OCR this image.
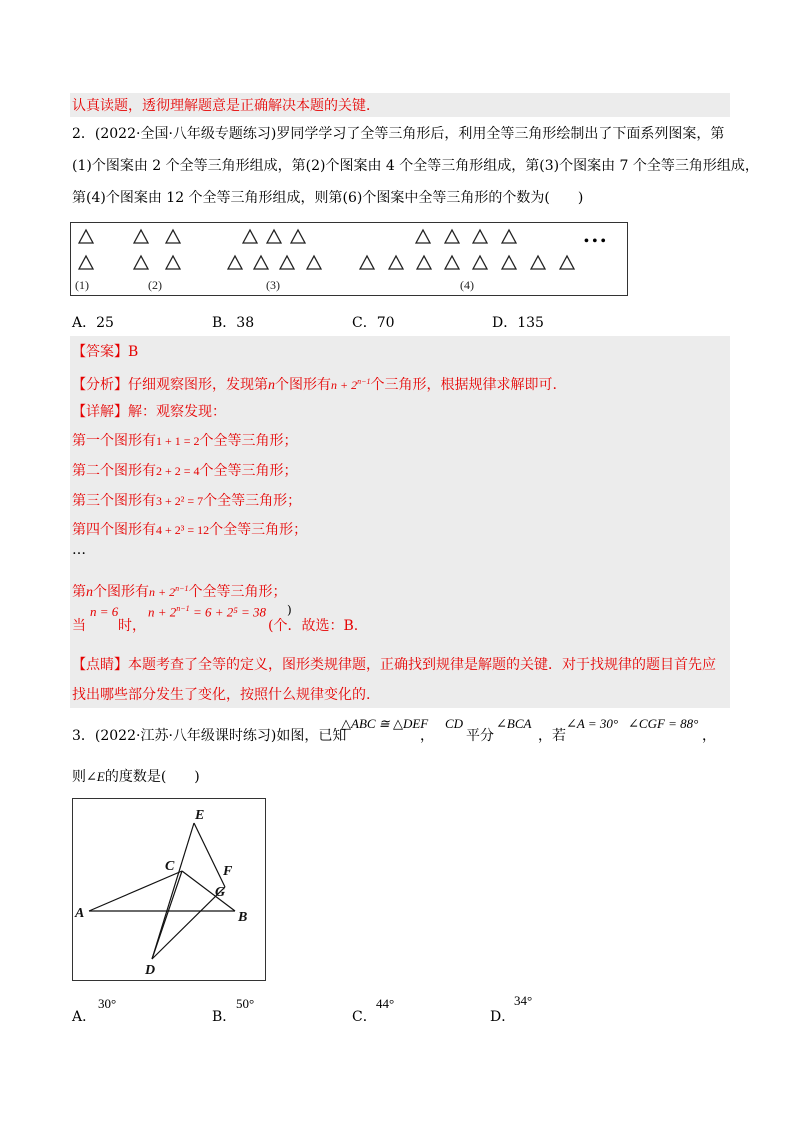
认真读题，透彻理解题意是正确解决本题的关键．
2．(2022·全国·八年级专题练习)罗同学学习了全等三角形后，利用全等三角形绘制出了下面系列图案，第
(1)个图案由 2 个全等三角形组成，第(2)个图案由 4 个全等三角形组成，第(3)个图案由 7 个全等三角形组成，
第(4)个图案由 12 个全等三角形组成，则第(6)个图案中全等三角形的个数为(　　)
(1)	(2)	(3)	(4)
• • •
A．25	B．38	C．70	D．135
【答案】B
【分析】仔细观察图形，发现第n个图形有$n + 2^{n-1}$个三角形，根据规律求解即可.
【详解】解：观察发现：
第一个图形有1 + 1 = 2个全等三角形；
第二个图形有2 + 2 = 4个全等三角形；
第三个图形有3 + 2² = 7个全等三角形；
第四个图形有4 + 2³ = 12个全等三角形；
…
第n个图形有$n + 2^{n-1}$个全等三角形；
当
n = 6
时，
$n + 2^{n-1} = 6 + 2^5 = 38$ )
(个．故选：B.
【点睛】本题考查了全等的定义，图形类规律题，正确找到规律是解题的关键．对于找规律的题目首先应
找出哪些部分发生了变化，按照什么规律变化的.
3．(2022·江苏·八年级课时练习)如图，已知
△ABC ≅ △DEF
，
CD
平分
∠BCA
，若
∠A = 30° ∠CGF = 88°
，
则∠E的度数是(　　)
E
C	F
G
A	B
D
A．
30°
B．
50°
C．
44°
D．
34°
